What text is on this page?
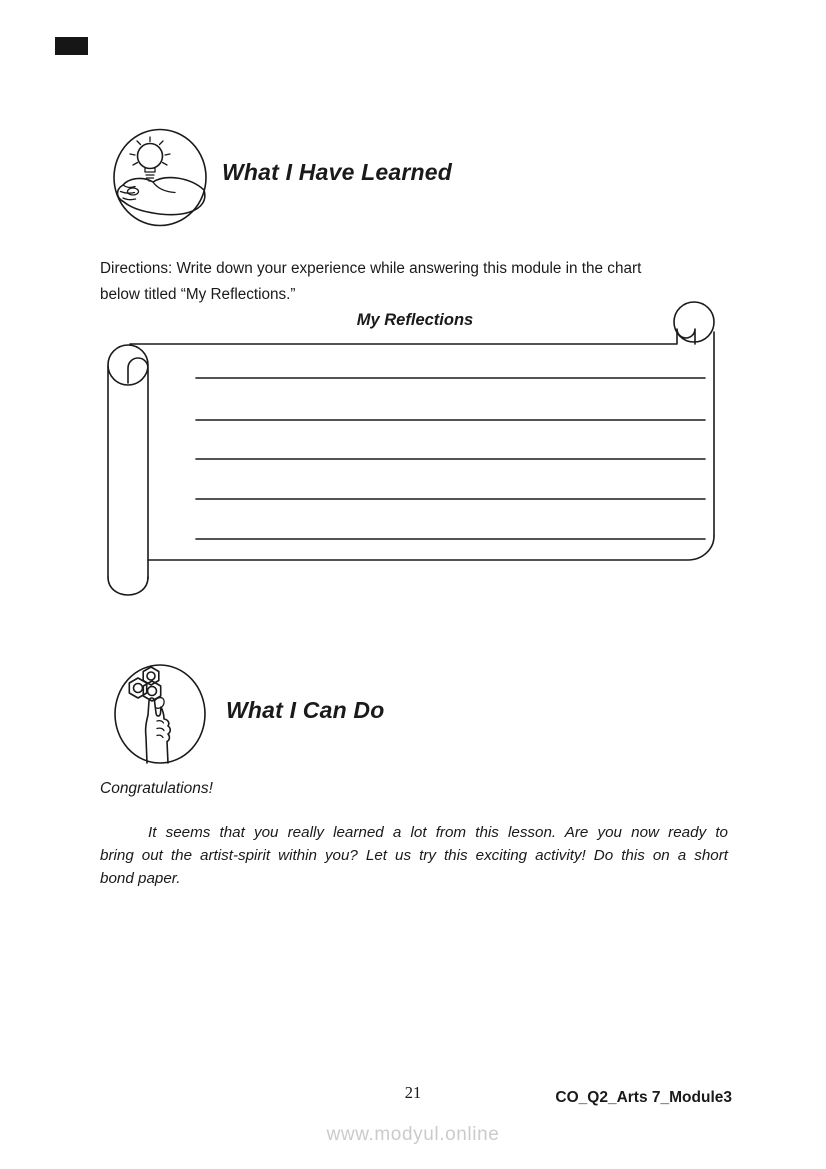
What I Have Learned
Directions: Write down your experience while answering this module in the chart
below titled “My Reflections.”
My Reflections
What I Can Do
Congratulations!
It seems that you really learned a lot from this lesson. Are you now ready to
bring out the artist-spirit within you? Let us try this exciting activity! Do this on a short
bond paper.
21	CO_Q2_Arts 7_Module3
www.modyul.online
